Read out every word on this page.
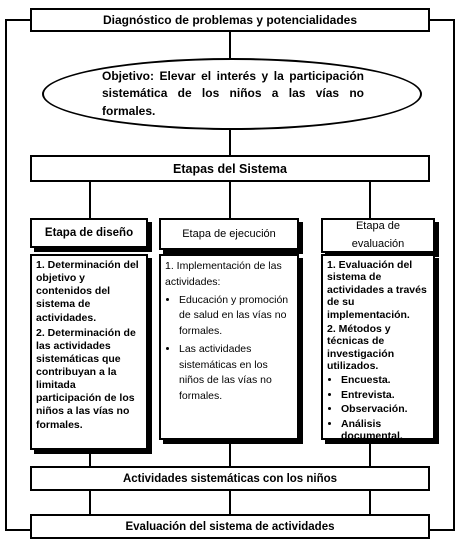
Diagnóstico de problemas y potencialidades
Objetivo: Elevar el interés y la participación sistemática de los niños a las vías no formales.
Etapas del Sistema
Etapa de diseño

1. Determinación del objetivo y contenidos del sistema de actividades.

2. Determinación de las actividades sistemáticas que contribuyan a la limitada participación de los niños a las vías no formales.

Etapa de ejecución

1. Implementación de las actividades:

• Educación y promoción de salud en las vías no formales.
• Las actividades sistemáticas en los niños de las vías no formales.
Etapa de evaluación

1. Evaluación del sistema de actividades a través de su implementación.

2. Métodos y técnicas de investigación utilizados.

• Encuesta.
• Entrevista.
• Observación.
• Análisis documental.
Actividades sistemáticas con los niños
Evaluación del sistema de actividades
